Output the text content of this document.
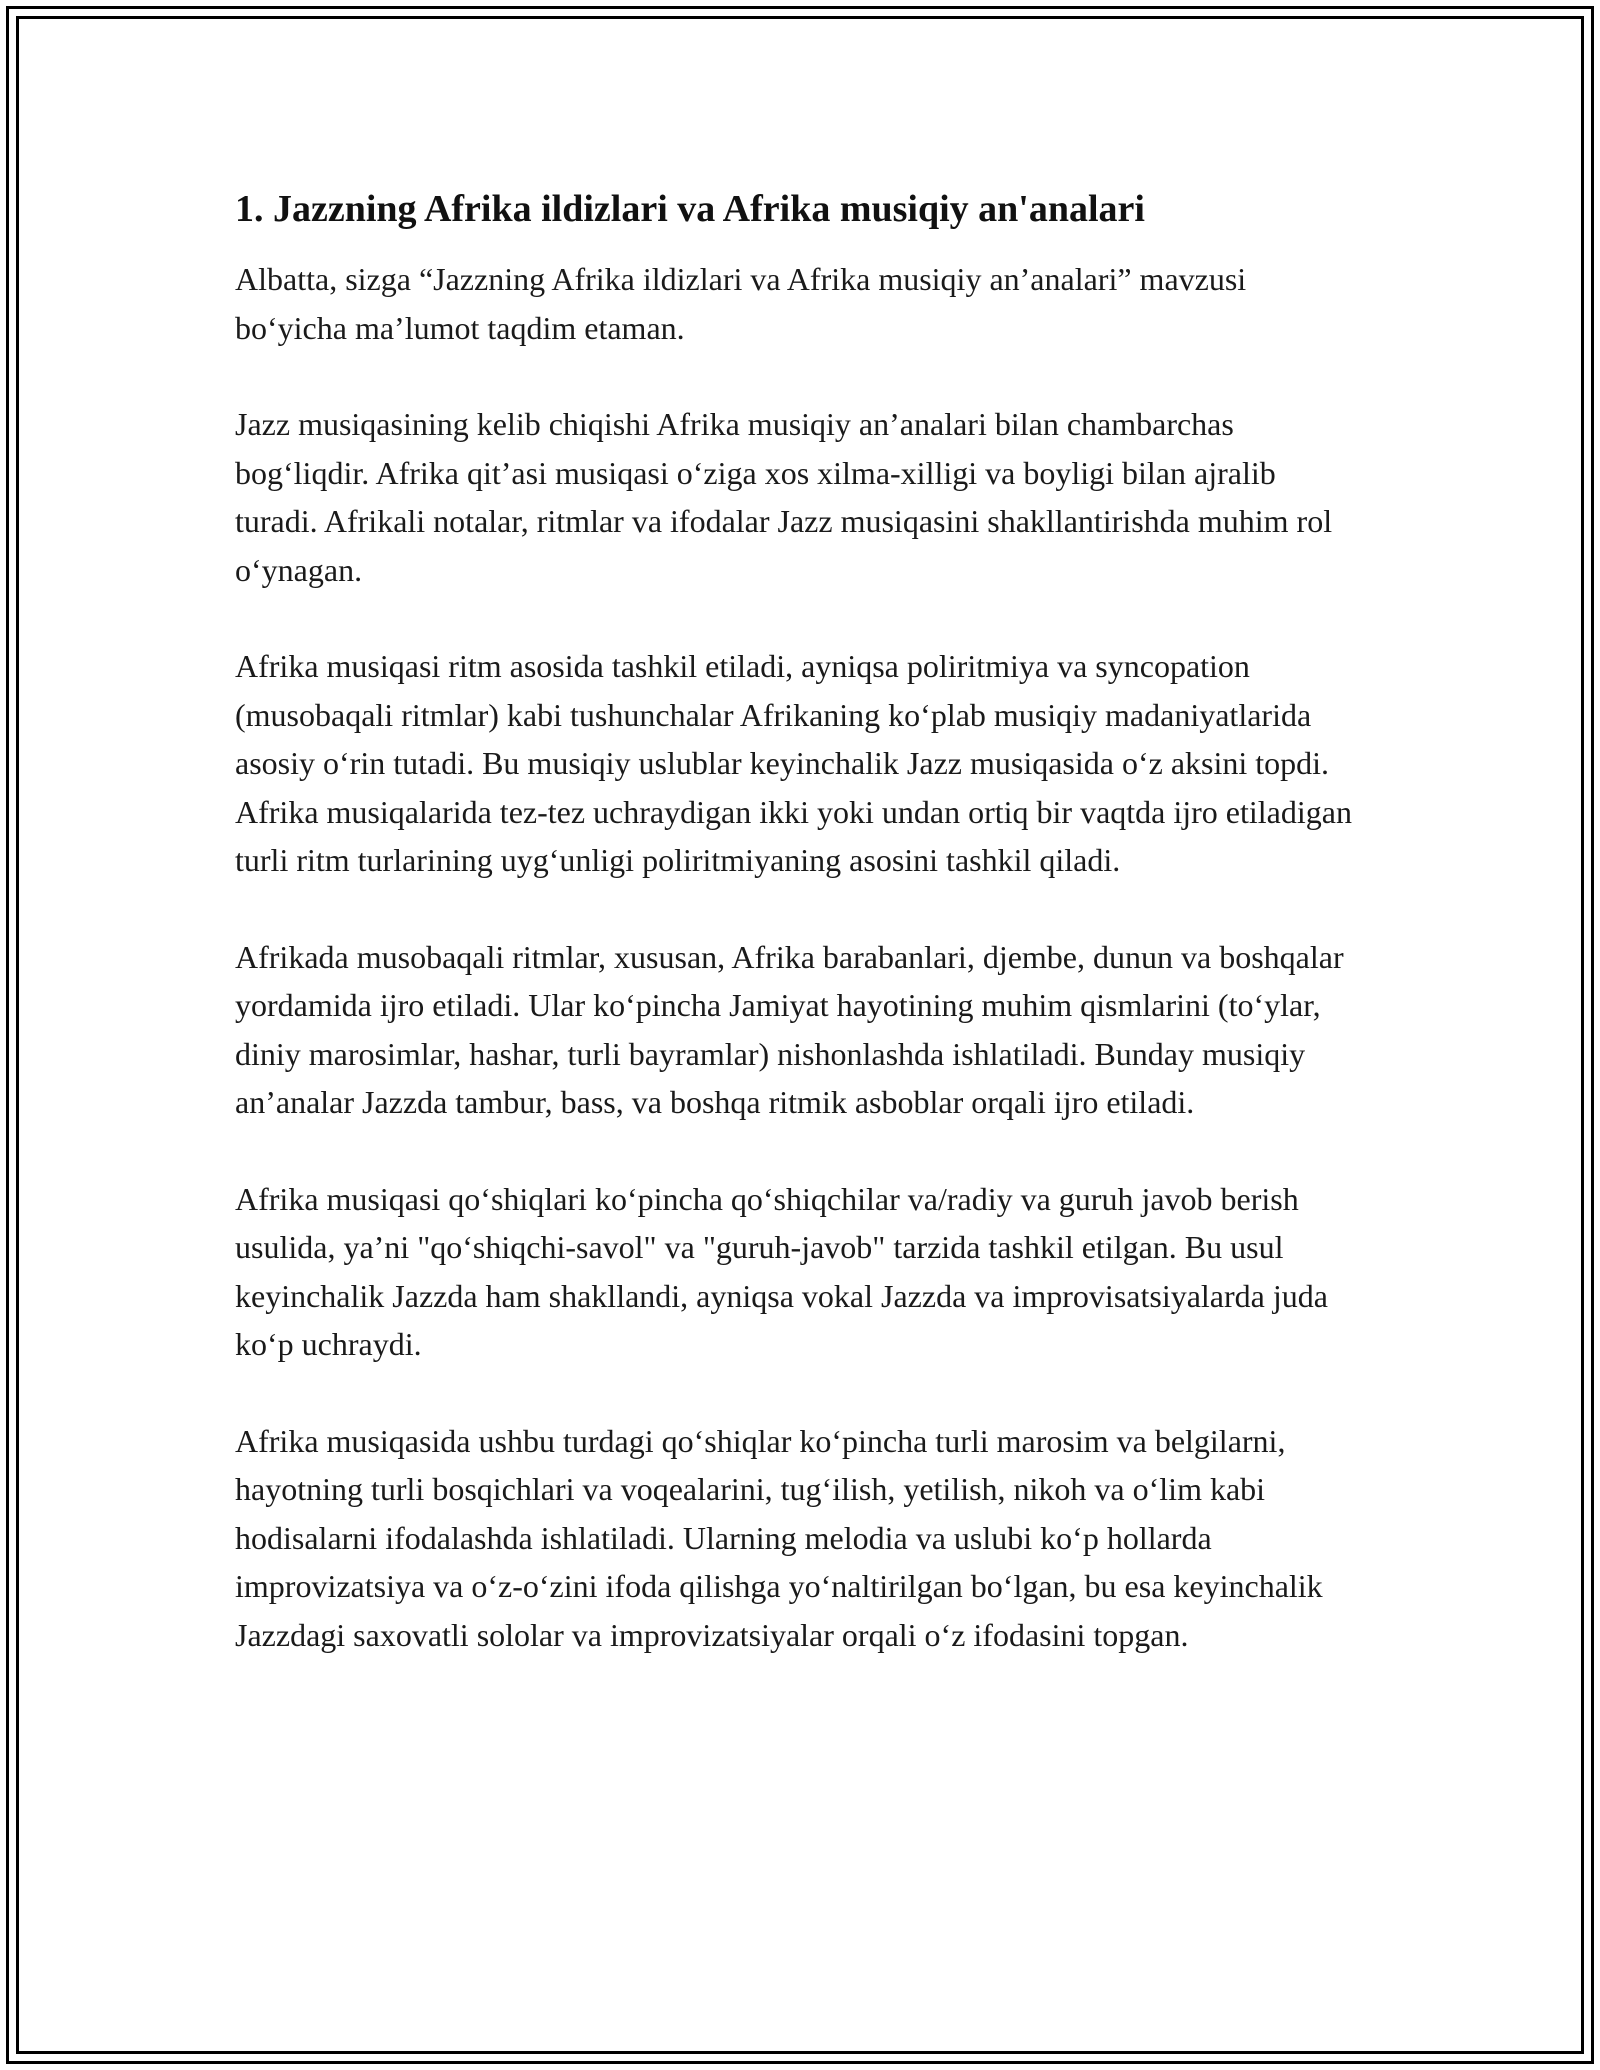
1. Jazzning Afrika ildizlari va Afrika musiqiy an'analari

Albatta, sizga “Jazzning Afrika ildizlari va Afrika musiqiy an’analari” mavzusi bo‘yicha ma’lumot taqdim etaman.

Jazz musiqasining kelib chiqishi Afrika musiqiy an’analari bilan chambarchas bog‘liqdir. Afrika qit’asi musiqasi o‘ziga xos xilma-xilligi va boyligi bilan ajralib turadi. Afrikali notalar, ritmlar va ifodalar Jazz musiqasini shakllantirishda muhim rol o‘ynagan.

Afrika musiqasi ritm asosida tashkil etiladi, ayniqsa poliritmiya va syncopation (musobaqali ritmlar) kabi tushunchalar Afrikaning ko‘plab musiqiy madaniyatlarida asosiy o‘rin tutadi. Bu musiqiy uslublar keyinchalik Jazz musiqasida o‘z aksini topdi. Afrika musiqalarida tez-tez uchraydigan ikki yoki undan ortiq bir vaqtda ijro etiladigan turli ritm turlarining uyg‘unligi poliritmiyaning asosini tashkil qiladi.

Afrikada musobaqali ritmlar, xususan, Afrika barabanlari, djembe, dunun va boshqalar yordamida ijro etiladi. Ular ko‘pincha Jamiyat hayotining muhim qismlarini (to‘ylar, diniy marosimlar, hashar, turli bayramlar) nishonlashda ishlatiladi. Bunday musiqiy an’analar Jazzda tambur, bass, va boshqa ritmik asboblar orqali ijro etiladi.

Afrika musiqasi qo‘shiqlari ko‘pincha qo‘shiqchilar va/radiy va guruh javob berish usulida, ya’ni "qo‘shiqchi-savol" va "guruh-javob" tarzida tashkil etilgan. Bu usul keyinchalik Jazzda ham shakllandi, ayniqsa vokal Jazzda va improvisatsiyalarda juda ko‘p uchraydi.

Afrika musiqasida ushbu turdagi qo‘shiqlar ko‘pincha turli marosim va belgilarni, hayotning turli bosqichlari va voqealarini, tug‘ilish, yetilish, nikoh va o‘lim kabi hodisalarni ifodalashda ishlatiladi. Ularning melodia va uslubi ko‘p hollarda improvizatsiya va o‘z-o‘zini ifoda qilishga yo‘naltirilgan bo‘lgan, bu esa keyinchalik Jazzdagi saxovatli sololar va improvizatsiyalar orqali o‘z ifodasini topgan.
